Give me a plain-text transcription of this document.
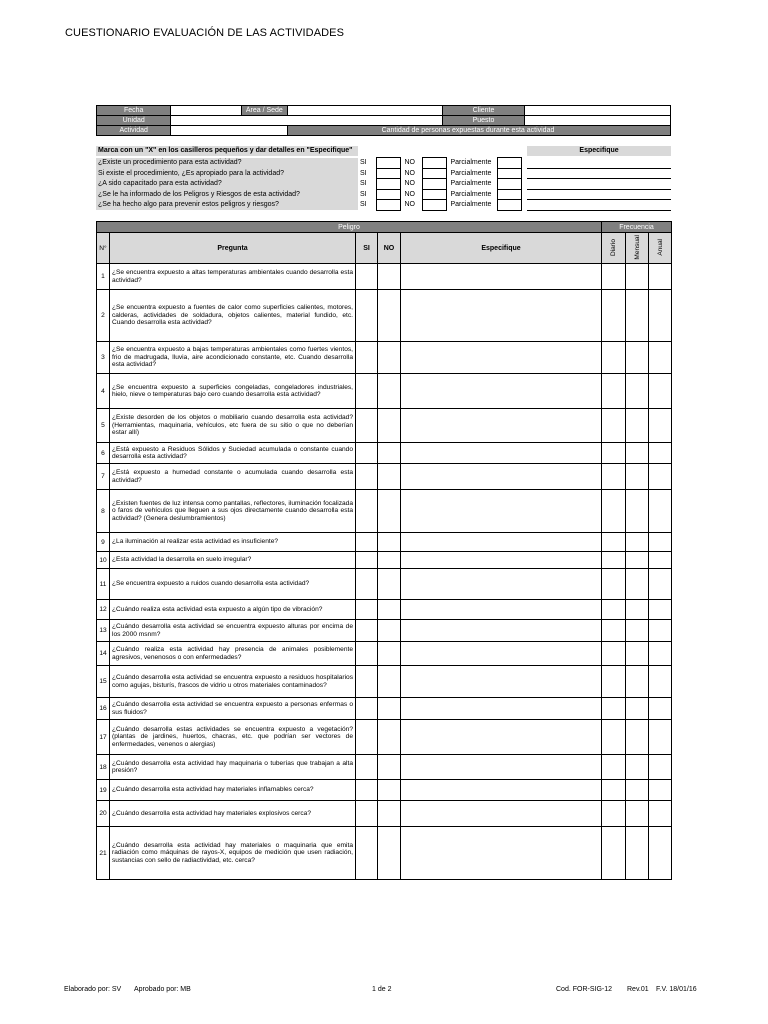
CUESTIONARIO EVALUACIÓN DE LAS ACTIVIDADES
Fecha		Área / Sede		Cliente	
Unidad				Puesto	
Actividad			Cantidad de personas expuestas durante esta actividad		
Marca con un "X" en los casilleros pequeños y dar detalles en "Especifique"			Especifique
¿Existe un procedimiento para esta actividad?	SI		NO		Parcialmente			
Si existe el procedimiento, ¿Es apropiado para la actividad?	SI		NO		Parcialmente			
¿A sido capacitado para esta actividad?	SI		NO		Parcialmente			
¿Se le ha informado de los Peligros y Riesgos de esta actividad?	SI		NO		Parcialmente			
¿Se ha hecho algo para prevenir estos peligros y riesgos?	SI		NO		Parcialmente			
Peligro					Frecuencia		
N°	Pregunta	SI	NO	Especifique	Diario	Mensual	Anual
1	¿Se encuentra expuesto a altas temperaturas ambientales cuando desarrolla esta actividad?						
2	¿Se encuentra expuesto a fuentes de calor como superficies calientes, motores, calderas, actividades de soldadura, objetos calientes, material fundido, etc. Cuando desarrolla esta actividad?						
3	¿Se encuentra expuesto a bajas temperaturas ambientales como fuertes vientos, frio de madrugada, lluvia, aire acondicionado constante, etc. Cuando desarrolla esta actividad?						
4	¿Se encuentra expuesto a superficies congeladas, congeladores industriales, hielo, nieve o temperaturas bajo cero cuando desarrolla esta actividad?						
5	¿Existe desorden de los objetos o mobiliario cuando desarrolla esta actividad? (Herramientas, maquinaria, vehículos, etc fuera de su sitio o que no deberían estar allí)						
6	¿Está expuesto a Residuos Sólidos y Suciedad acumulada o constante cuando desarrolla esta actividad?						
7	¿Está expuesto a humedad constante o acumulada cuando desarrolla esta actividad?						
8	¿Existen fuentes de luz intensa como pantallas, reflectores, iluminación focalizada o faros de vehículos que lleguen a sus ojos directamente cuando desarrolla esta actividad? (Genera deslumbramientos)						
9	¿La iluminación al realizar esta actividad es insuficiente?						
10	¿Esta actividad la desarrolla en suelo irregular?						
11	¿Se encuentra expuesto a ruidos cuando desarrolla esta actividad?						
12	¿Cuándo realiza esta actividad esta expuesto a algún tipo de vibración?						
13	¿Cuándo desarrolla esta actividad se encuentra expuesto alturas por encima de los 2000 msnm?						
14	¿Cuándo realiza esta actividad hay presencia de animales posiblemente agresivos, venenosos o con enfermedades?						
15	¿Cuándo desarrolla esta actividad se encuentra expuesto a residuos hospitalarios como agujas, bisturís, frascos de vidrio u otros materiales contaminados?						
16	¿Cuándo desarrolla esta actividad se encuentra expuesto a personas enfermas o sus fluidos?						
17	¿Cuándo desarrolla estas actividades se encuentra expuesto a vegetación? (plantas de jardines, huertos, chacras, etc. que podrían ser vectores de enfermedades, venenos o alergias)						
18	¿Cuándo desarrolla esta actividad hay maquinaria o tuberías que trabajan a alta presión?						
19	¿Cuándo desarrolla esta actividad hay materiales inflamables cerca?						
20	¿Cuándo desarrolla esta actividad hay materiales explosivos cerca?						
21	¿Cuándo desarrolla esta actividad hay materiales o maquinaria que emita radiación como máquinas de rayos-X, equipos de medición que usen radiación, sustancias con sello de radiactividad, etc. cerca?						
Elaborado por: SV Aprobado por: MB	1 de 2	Cod. FOR-SIG-12 Rev.01 F.V. 18/01/16
